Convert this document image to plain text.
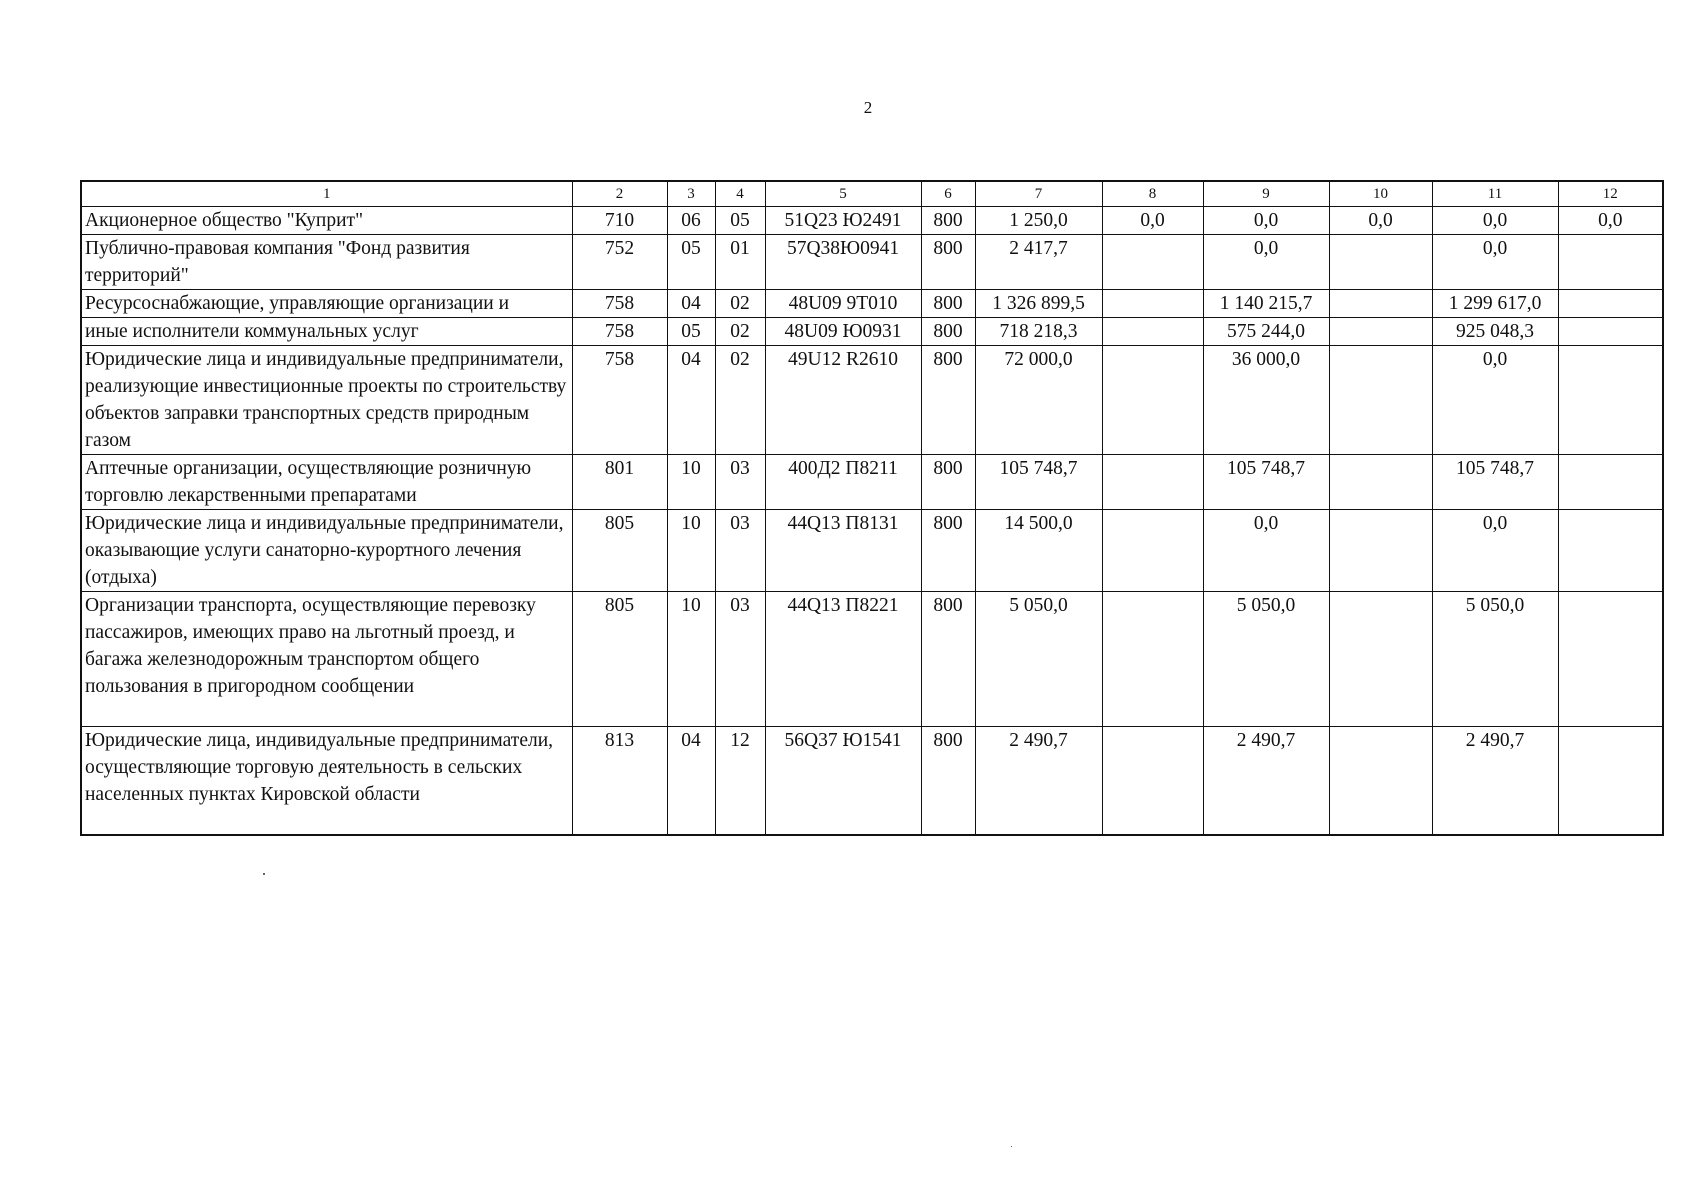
2
1	2	3	4	5	6	7	8	9	10	11	12
Акционерное общество "Куприт"	710	06	05	51Q23 Ю2491	800	1 250,0	0,0	0,0	0,0	0,0	0,0
Публично-правовая компания "Фонд развития территорий"	752	05	01	57Q38Ю0941	800	2 417,7		0,0		0,0	
Ресурсоснабжающие, управляющие организации и	758	04	02	48U09 9Т010	800	1 326 899,5		1 140 215,7		1 299 617,0	
иные исполнители коммунальных услуг	758	05	02	48U09 Ю0931	800	718 218,3		575 244,0		925 048,3	
Юридические лица и индивидуальные предприниматели, реализующие инвестиционные проекты по строительству объектов заправки транспортных средств природным газом	758	04	02	49U12 R2610	800	72 000,0		36 000,0		0,0	
Аптечные организации, осуществляющие розничную торговлю лекарственными препаратами	801	10	03	400Д2 П8211	800	105 748,7		105 748,7		105 748,7	
Юридические лица и индивидуальные предприниматели, оказывающие услуги санаторно-курортного лечения (отдыха)	805	10	03	44Q13 П8131	800	14 500,0		0,0		0,0	
Организации транспорта, осуществляющие перевозку пассажиров, имеющих право на льготный проезд, и багажа железнодорожным транспортом общего пользования в пригородном сообщении	805	10	03	44Q13 П8221	800	5 050,0		5 050,0		5 050,0	
Юридические лица, индивидуальные предприниматели, осуществляющие торговую деятельность в сельских населенных пунктах Кировской области	813	04	12	56Q37 Ю1541	800	2 490,7		2 490,7		2 490,7	
